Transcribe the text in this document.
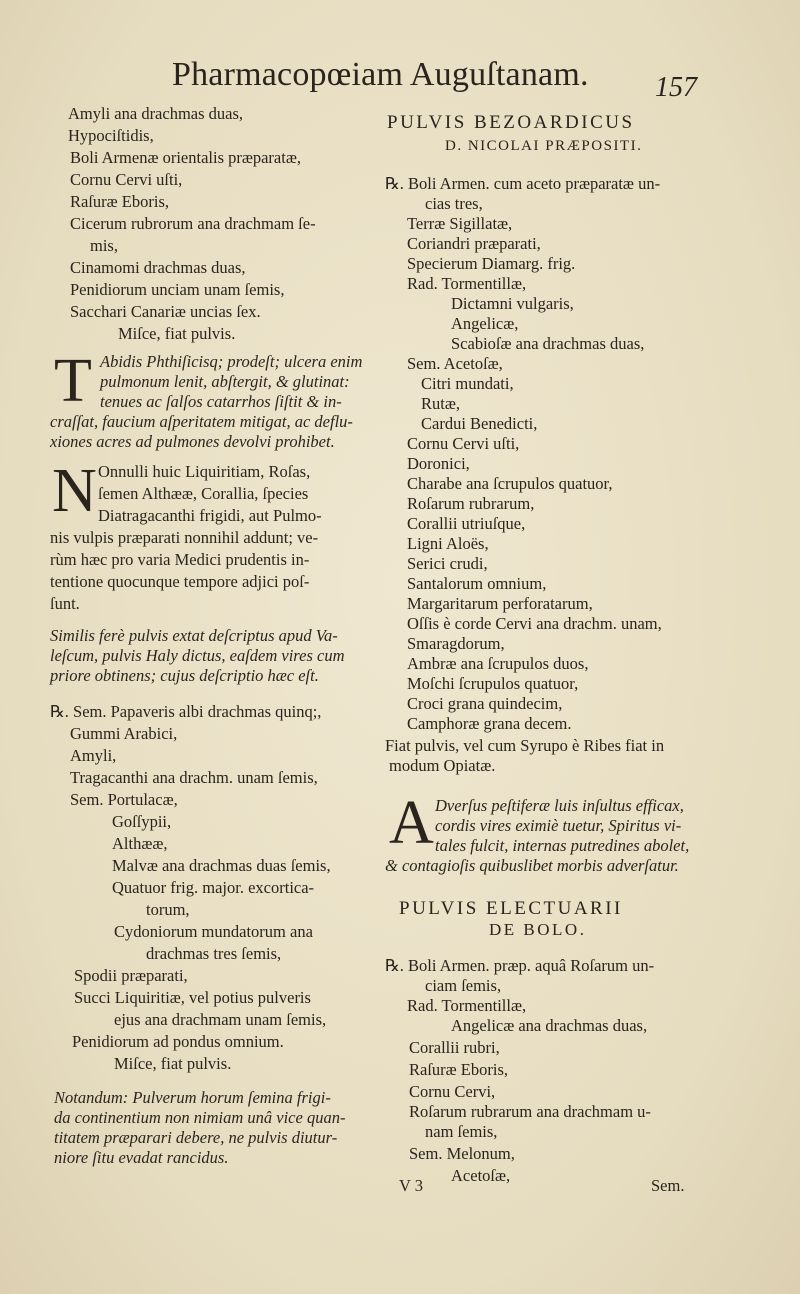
Pharmacopœiam Auguſtanam. 157
Amyli ana drachmas duas,
Hypociſtidis,
Boli Armenæ orientalis præparatæ,
Cornu Cervi uſti,
Raſuræ Eboris,
Cicerum rubrorum ana drachmam ſe-
mis,
Cinamomi drachmas duas,
Penidiorum unciam unam ſemis,
Sacchari Canariæ uncias ſex.
Miſce, fiat pulvis.
T Abidis Phthiſicisq; prodeſt; ulcera enim
pulmonum lenit, abſtergit, & glutinat:
tenues ac ſalſos catarrhos ſiſtit & in-
craſſat, faucium aſperitatem mitigat, ac deflu-
xiones acres ad pulmones devolvi prohibet.
N Onnulli huic Liquiritiam, Roſas,
ſemen Althææ, Corallia, ſpecies
Diatragacanthi frigidi, aut Pulmo-
nis vulpis præparati nonnihil addunt; ve-
rùm hæc pro varia Medici prudentis in-
tentione quocunque tempore adjici poſ-
ſunt.
Similis ferè pulvis extat deſcriptus apud Va-
leſcum, pulvis Haly dictus, eaſdem vires cum
priore obtinens; cujus deſcriptio hæc eſt.
℞. Sem. Papaveris albi drachmas quinq;,
Gummi Arabici,
Amyli,
Tragacanthi ana drachm. unam ſemis,
Sem. Portulacæ,
Goſſypii,
Althææ,
Malvæ ana drachmas duas ſemis,
Quatuor frig. major. excortica-
torum,
Cydoniorum mundatorum ana
drachmas tres ſemis,
Spodii præparati,
Succi Liquiritiæ, vel potius pulveris
ejus ana drachmam unam ſemis,
Penidiorum ad pondus omnium.
Miſce, fiat pulvis.
Notandum: Pulverum horum ſemina frigi-
da continentium non nimiam unâ vice quan-
titatem præparari debere, ne pulvis diutur-
niore ſitu evadat rancidus.
PULVIS BEZOARDICUS
D. NICOLAI PRÆPOSITI.
℞. Boli Armen. cum aceto præparatæ un-
cias tres,
Terræ Sigillatæ,
Coriandri præparati,
Specierum Diamarg. frig.
Rad. Tormentillæ,
Dictamni vulgaris,
Angelicæ,
Scabioſæ ana drachmas duas,
Sem. Acetoſæ,
Citri mundati,
Rutæ,
Cardui Benedicti,
Cornu Cervi uſti,
Doronici,
Charabe ana ſcrupulos quatuor,
Roſarum rubrarum,
Corallii utriuſque,
Ligni Aloës,
Serici crudi,
Santalorum omnium,
Margaritarum perforatarum,
Oſſis è corde Cervi ana drachm. unam,
Smaragdorum,
Ambræ ana ſcrupulos duos,
Moſchi ſcrupulos quatuor,
Croci grana quindecim,
Camphoræ grana decem.
Fiat pulvis, vel cum Syrupo è Ribes fiat in
modum Opiatæ.
A Dverſus peſtiferæ luis inſultus efficax,
cordis vires eximiè tuetur, Spiritus vi-
tales fulcit, internas putredines abolet,
& contagioſis quibuslibet morbis adverſatur.
PULVIS ELECTUARII
DE BOLO.
℞. Boli Armen. præp. aquâ Roſarum un-
ciam ſemis,
Rad. Tormentillæ,
Angelicæ ana drachmas duas,
Corallii rubri,
Raſuræ Eboris,
Cornu Cervi,
Roſarum rubrarum ana drachmam u-
nam ſemis,
Sem. Melonum,
Acetoſæ,
V 3	Sem.
